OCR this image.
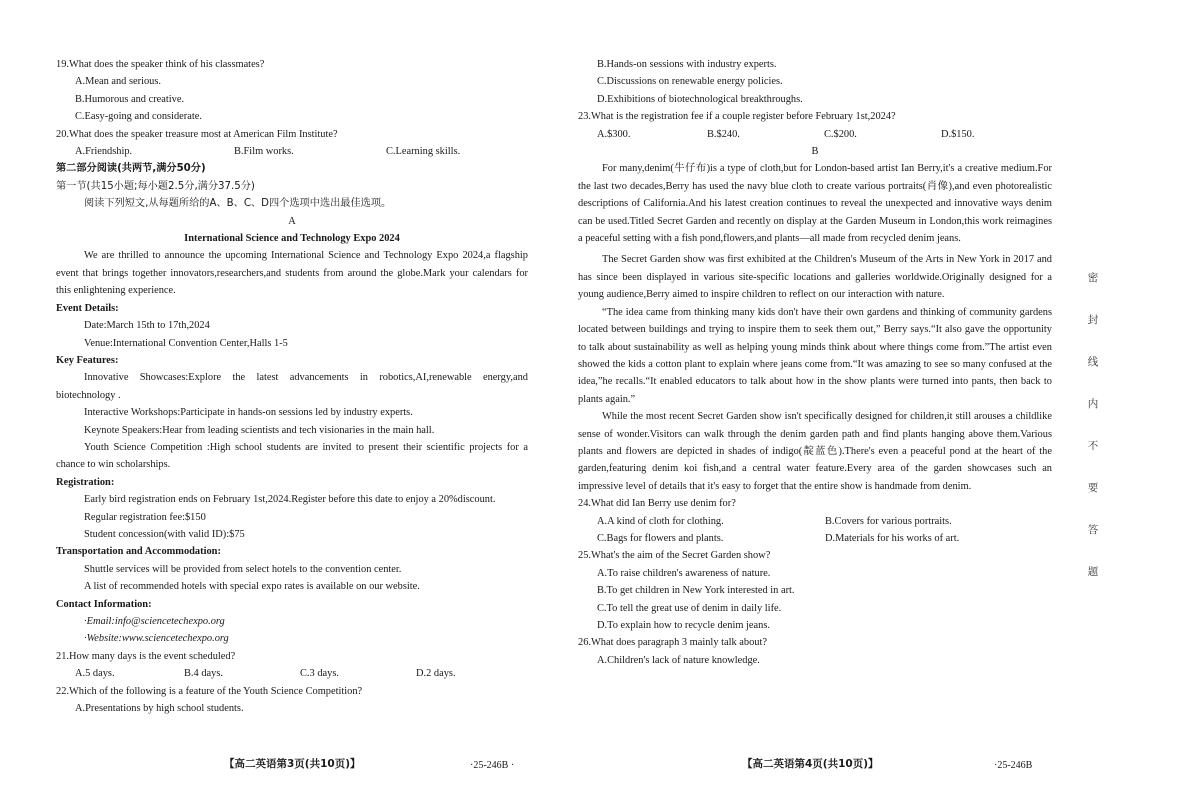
19.What does the speaker think of his classmates?
A.Mean and serious.
B.Humorous and creative.
C.Easy-going and considerate.
20.What does the speaker treasure most at American Film Institute?
A.Friendship.	B.Film works.	C.Learning skills.
第二部分阅读(共两节,满分50分)
第一节(共15小题;每小题2.5分,满分37.5分)
阅读下列短文,从每题所给的A、B、C、D四个选项中选出最佳选项。
A
International Science and Technology Expo 2024
We are thrilled to announce the upcoming International Science and Technology Expo 2024,a flagship event that brings together innovators,researchers,and students from around the globe.Mark your calendars for this enlightening experience.
Event Details:
Date:March 15th to 17th,2024
Venue:International Convention Center,Halls 1-5
Key Features:
Innovative Showcases:Explore the latest advancements in robotics,AI,renewable energy,and biotechnology .
Interactive Workshops:Participate in hands-on sessions led by industry experts.
Keynote Speakers:Hear from leading scientists and tech visionaries in the main hall.
Youth Science Competition :High school students are invited to present their scientific projects for a chance to win scholarships.
Registration:
Early bird registration ends on February 1st,2024.Register before this date to enjoy a 20%discount.
Regular registration fee:$150
Student concession(with valid ID):$75
Transportation and Accommodation:
Shuttle services will be provided from select hotels to the convention center.
A list of recommended hotels with special expo rates is available on our website.
Contact Information:
·Email:info@sciencetechexpo.org
·Website:www.sciencetechexpo.org
21.How many days is the event scheduled?
A.5 days.	B.4 days.	C.3 days.	D.2 days.
22.Which of the following is a feature of the Youth Science Competition?
A.Presentations by high school students.
【高二英语第3页(共10页)】	·25-246B ·
B.Hands-on sessions with industry experts.
C.Discussions on renewable energy policies.
D.Exhibitions of biotechnological breakthroughs.
23.What is the registration fee if a couple register before February 1st,2024?
A.$300.	B.$240.	C.$200.	D.$150.
B
For many,denim(牛仔布)is a type of cloth,but for London-based artist Ian Berry,it's a creative medium.For the last two decades,Berry has used the navy blue cloth to create various portraits(肖像),and even photorealistic descriptions of California.And his latest creation continues to reveal the unexpected and innovative ways denim can be used.Titled Secret Garden and recently on display at the Garden Museum in London,this work reimagines a peaceful setting with a fish pond,flowers,and plants—all made from recycled denim jeans.
The Secret Garden show was first exhibited at the Children's Museum of the Arts in New York in 2017 and has since been displayed in various site-specific locations and galleries worldwide.Originally designed for a young audience,Berry aimed to inspire children to reflect on our interaction with nature.
“The idea came from thinking many kids don't have their own gardens and thinking of community gardens located between buildings and trying to inspire them to seek them out,” Berry says.“It also gave the opportunity to talk about sustainability as well as helping young minds think about where things come from.”The artist even showed the kids a cotton plant to explain where jeans come from.“It was amazing to see so many confused at the idea,”he recalls.“It enabled educators to talk about how in the show plants were turned into pants, then back to plants again.”
While the most recent Secret Garden show isn't specifically designed for children,it still arouses a childlike sense of wonder.Visitors can walk through the denim garden path and find plants hanging above them.Various plants and flowers are depicted in shades of indigo(靛蓝色).There's even a peaceful pond at the heart of the garden,featuring denim koi fish,and a central water feature.Every area of the garden showcases such an impressive level of details that it's easy to forget that the entire show is handmade from denim.
24.What did Ian Berry use denim for?
A.A kind of cloth for clothing.	B.Covers for various portraits.
C.Bags for flowers and plants.	D.Materials for his works of art.
25.What's the aim of the Secret Garden show?
A.To raise children's awareness of nature.
B.To get children in New York interested in art.
C.To tell the great use of denim in daily life.
D.To explain how to recycle denim jeans.
26.What does paragraph 3 mainly talk about?
A.Children's lack of nature knowledge.
【高二英语第4页(共10页)】	·25-246B
密
封
线
内
不
要
答
题
